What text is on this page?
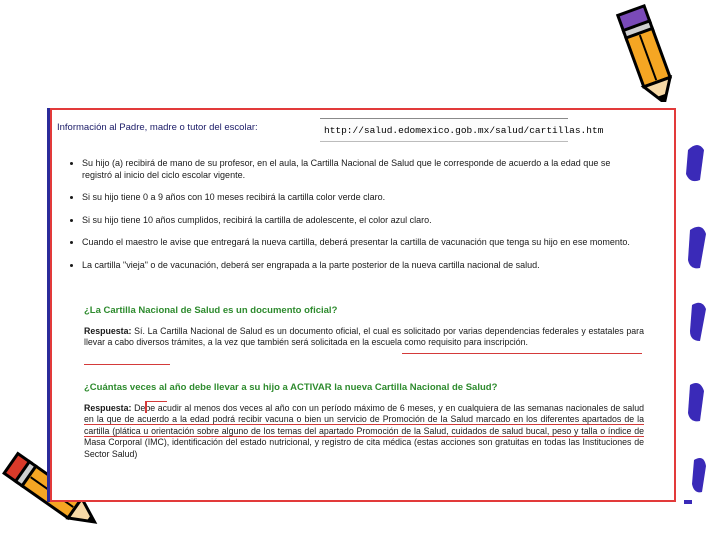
Información al Padre, madre o tutor del escolar:	http://salud.edomexico.gob.mx/salud/cartillas.htm
• Su hijo (a) recibirá de mano de su profesor, en el aula, la Cartilla Nacional de Salud que le corresponde de acuerdo a la edad que se registró al inicio del ciclo escolar vigente.
• Si su hijo tiene 0 a 9 años con 10 meses recibirá la cartilla color verde claro.
• Si su hijo tiene 10 años cumplidos, recibirá la cartilla de adolescente, el color azul claro.
• Cuando el maestro le avise que entregará la nueva cartilla, deberá presentar la cartilla de vacunación que tenga su hijo en ese momento.
• La cartilla "vieja" o de vacunación, deberá ser engrapada a la parte posterior de la nueva cartilla nacional de salud.
¿La Cartilla Nacional de Salud es un documento oficial?
Respuesta: Sí. La Cartilla Nacional de Salud es un documento oficial, el cual es solicitado por varias dependencias federales y estatales para llevar a cabo diversos trámites, a la vez que también será solicitada en la escuela como requisito para inscripción.
¿Cuántas veces al año debe llevar a su hijo a ACTIVAR la nueva Cartilla Nacional de Salud?
Respuesta: Debe acudir al menos dos veces al año con un período máximo de 6 meses, y en cualquiera de las semanas nacionales de salud en la que de acuerdo a la edad podrá recibir vacuna o bien un servicio de Promoción de la Salud marcado en los diferentes apartados de la cartilla (plática u orientación sobre alguno de los temas del apartado Promoción de la Salud, cuidados de salud bucal, peso y talla o índice de Masa Corporal (IMC), identificación del estado nutricional, y registro de cita médica (estas acciones son gratuitas en todas las Instituciones de Sector Salud)
